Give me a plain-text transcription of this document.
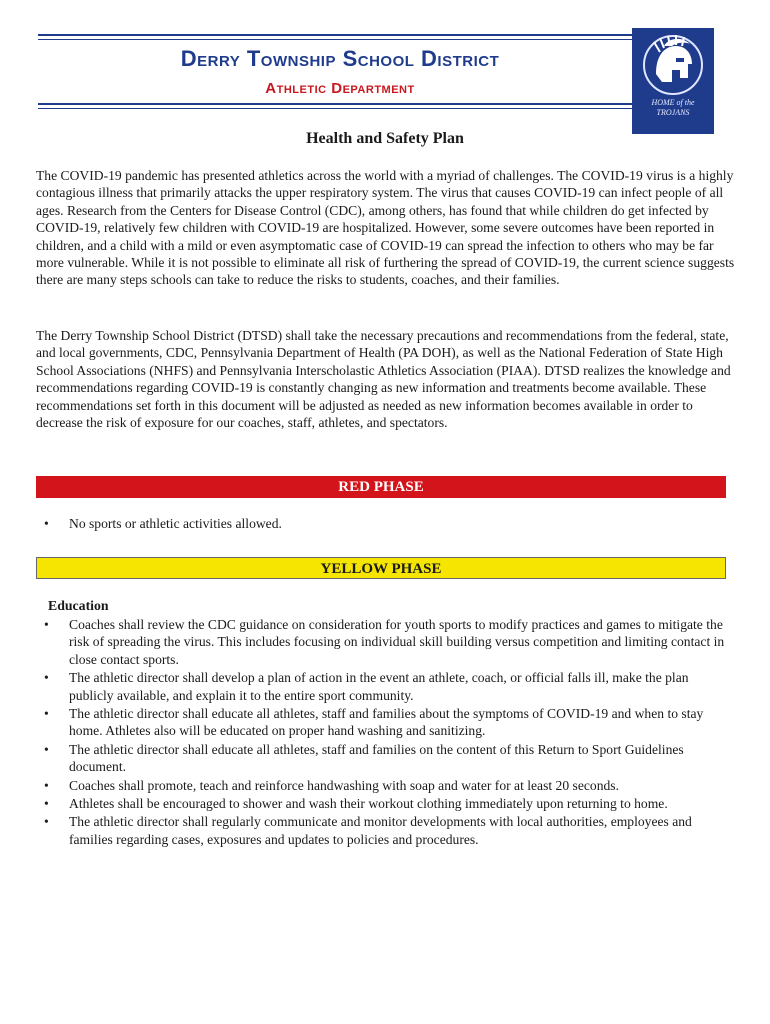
Derry Township School District
Athletic Department
HOME of the
TROJANS
Health and Safety Plan
The COVID-19 pandemic has presented athletics across the world with a myriad of challenges. The COVID-19 virus is a highly contagious illness that primarily attacks the upper respiratory system. The virus that causes COVID-19 can infect people of all ages. Research from the Centers for Disease Control (CDC), among others, has found that while children do get infected by COVID-19, relatively few children with COVID-19 are hospitalized. However, some severe outcomes have been reported in children, and a child with a mild or even asymptomatic case of COVID-19 can spread the infection to others who may be far more vulnerable. While it is not possible to eliminate all risk of furthering the spread of COVID-19, the current science suggests there are many steps schools can take to reduce the risks to students, coaches, and their families.
The Derry Township School District (DTSD) shall take the necessary precautions and recommendations from the federal, state, and local governments, CDC, Pennsylvania Department of Health (PA DOH), as well as the National Federation of State High School Associations (NHFS) and Pennsylvania Interscholastic Athletics Association (PIAA). DTSD realizes the knowledge and recommendations regarding COVID-19 is constantly changing as new information and treatments become available. These recommendations set forth in this document will be adjusted as needed as new information becomes available in order to decrease the risk of exposure for our coaches, staff, athletes, and spectators.
RED PHASE
• No sports or athletic activities allowed.
YELLOW PHASE
Education
• Coaches shall review the CDC guidance on consideration for youth sports to modify practices and games to mitigate the risk of spreading the virus. This includes focusing on individual skill building versus competition and limiting contact in close contact sports.
• The athletic director shall develop a plan of action in the event an athlete, coach, or official falls ill, make the plan publicly available, and explain it to the entire sport community.
• The athletic director shall educate all athletes, staff and families about the symptoms of COVID-19 and when to stay home. Athletes also will be educated on proper hand washing and sanitizing.
• The athletic director shall educate all athletes, staff and families on the content of this Return to Sport Guidelines document.
• Coaches shall promote, teach and reinforce handwashing with soap and water for at least 20 seconds.
• Athletes shall be encouraged to shower and wash their workout clothing immediately upon returning to home.
• The athletic director shall regularly communicate and monitor developments with local authorities, employees and families regarding cases, exposures and updates to policies and procedures.
